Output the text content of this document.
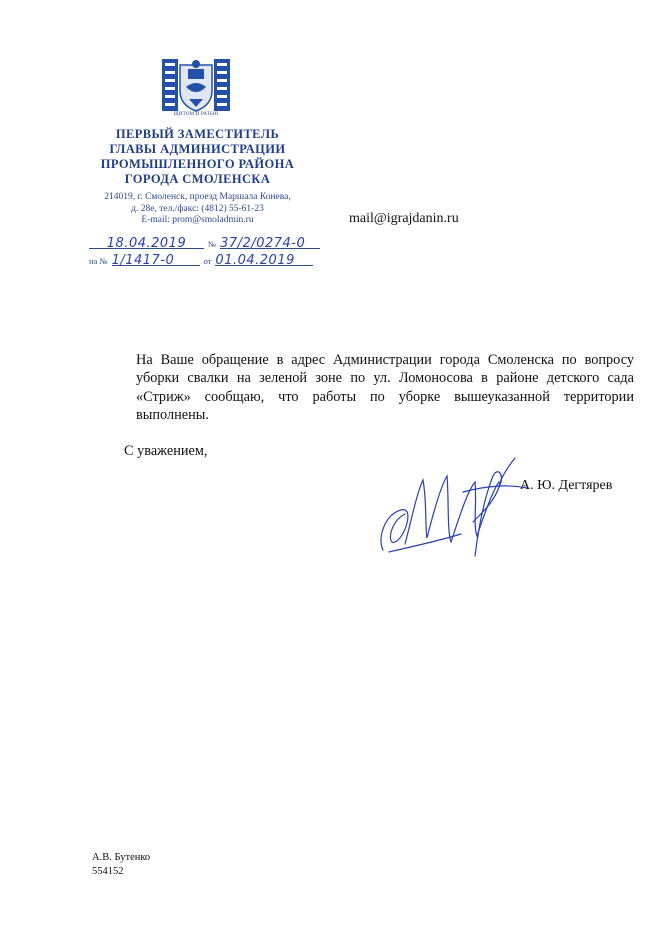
ЩИТОМ И РАТЬЮ
ПЕРВЫЙ ЗАМЕСТИТЕЛЬ
ГЛАВЫ АДМИНИСТРАЦИИ
ПРОМЫШЛЕННОГО РАЙОНА
ГОРОДА СМОЛЕНСКА
214019, г. Смоленск, проезд Маршала Конева,
д. 28е, тел./факс: (4812) 55-61-23
E-mail: prom@smoladmin.ru
18.04.2019	№ 37/2/0274-0
на № 1/1417-0	от 01.04.2019
mail@igrajdanin.ru
На Ваше обращение в адрес Администрации города Смоленска по вопросу уборки свалки на зеленой зоне по ул. Ломоносова в районе детского сада «Стриж» сообщаю, что работы по уборке вышеуказанной территории выполнены.
С уважением,
А. Ю. Дегтярев
А.В. Бутенко
554152
